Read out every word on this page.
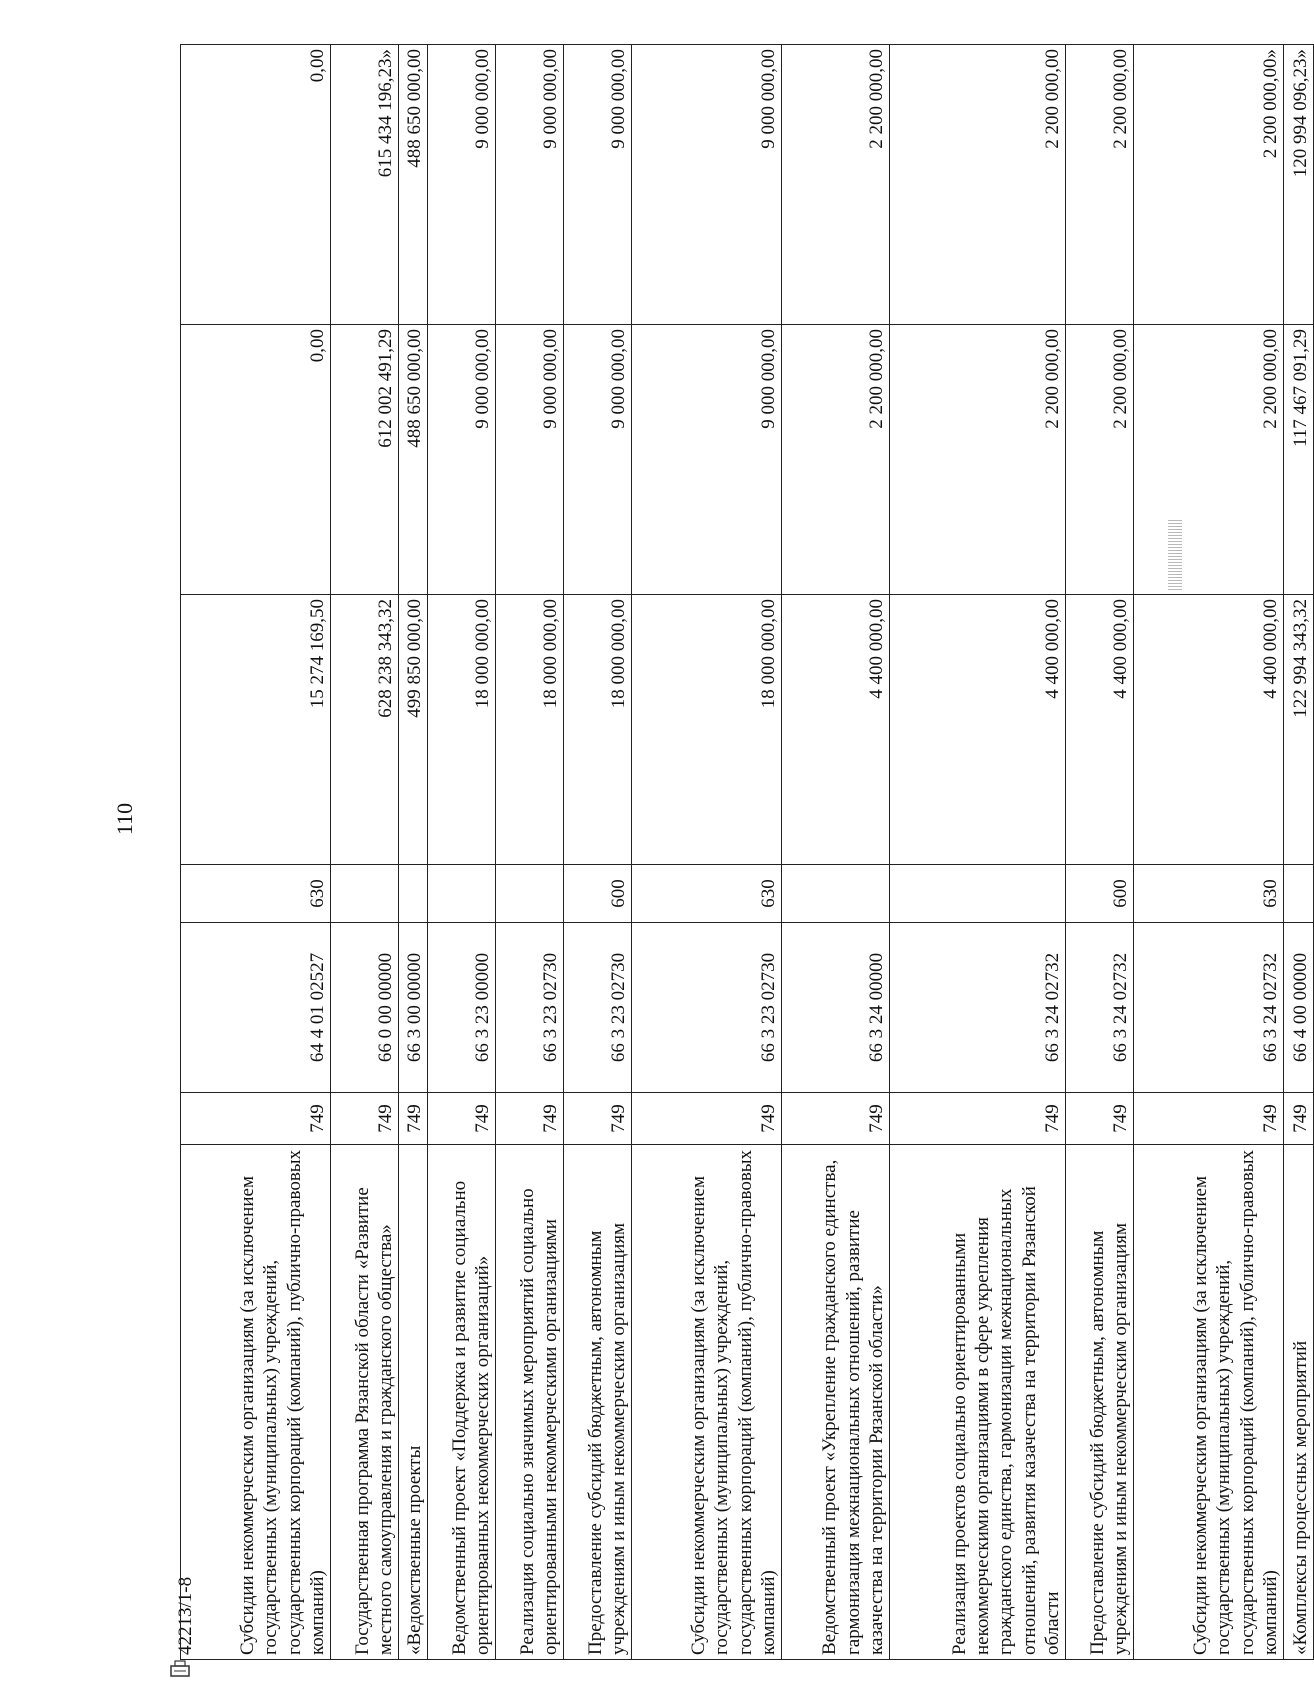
110
42213/1-8 Субсидии некоммерческим организациям (за исключением государственных (муниципальных) учреждений, государственных корпораций (компаний), публично-правовых компаний)	749	64 4 01 02527	630	15 274 169,50	0,00	0,00
Государственная программа Рязанской области «Развитие местного самоуправления и гражданского общества»	749	66 0 00 00000		628 238 343,32	612 002 491,29	615 434 196,23»
«Ведомственные проекты	749	66 3 00 00000		499 850 000,00	488 650 000,00	488 650 000,00
Ведомственный проект «Поддержка и развитие социально ориентированных некоммерческих организаций»	749	66 3 23 00000		18 000 000,00	9 000 000,00	9 000 000,00
Реализация социально значимых мероприятий социально ориентированными некоммерческими организациями	749	66 3 23 02730		18 000 000,00	9 000 000,00	9 000 000,00
Предоставление субсидий бюджетным, автономным учреждениям и иным некоммерческим организациям	749	66 3 23 02730	600	18 000 000,00	9 000 000,00	9 000 000,00
Субсидии некоммерческим организациям (за исключением государственных (муниципальных) учреждений, государственных корпораций (компаний), публично-правовых компаний)	749	66 3 23 02730	630	18 000 000,00	9 000 000,00	9 000 000,00
Ведомственный проект «Укрепление гражданского единства, гармонизация межнациональных отношений, развитие казачества на территории Рязанской области»	749	66 3 24 00000		4 400 000,00	2 200 000,00	2 200 000,00
Реализация проектов социально ориентированными некоммерческими организациями в сфере укрепления гражданского единства, гармонизации межнациональных отношений, развития казачества на территории Рязанской области	749	66 3 24 02732		4 400 000,00	2 200 000,00	2 200 000,00
Предоставление субсидий бюджетным, автономным учреждениям и иным некоммерческим организациям	749	66 3 24 02732	600	4 400 000,00	2 200 000,00	2 200 000,00
Субсидии некоммерческим организациям (за исключением государственных (муниципальных) учреждений, государственных корпораций (компаний), публично-правовых компаний)	749	66 3 24 02732	630	4 400 000,00	2 200 000,00	2 200 000,00»
«Комплексы процессных мероприятий	749	66 4 00 00000		122 994 343,32	117 467 091,29	120 994 096,23»
